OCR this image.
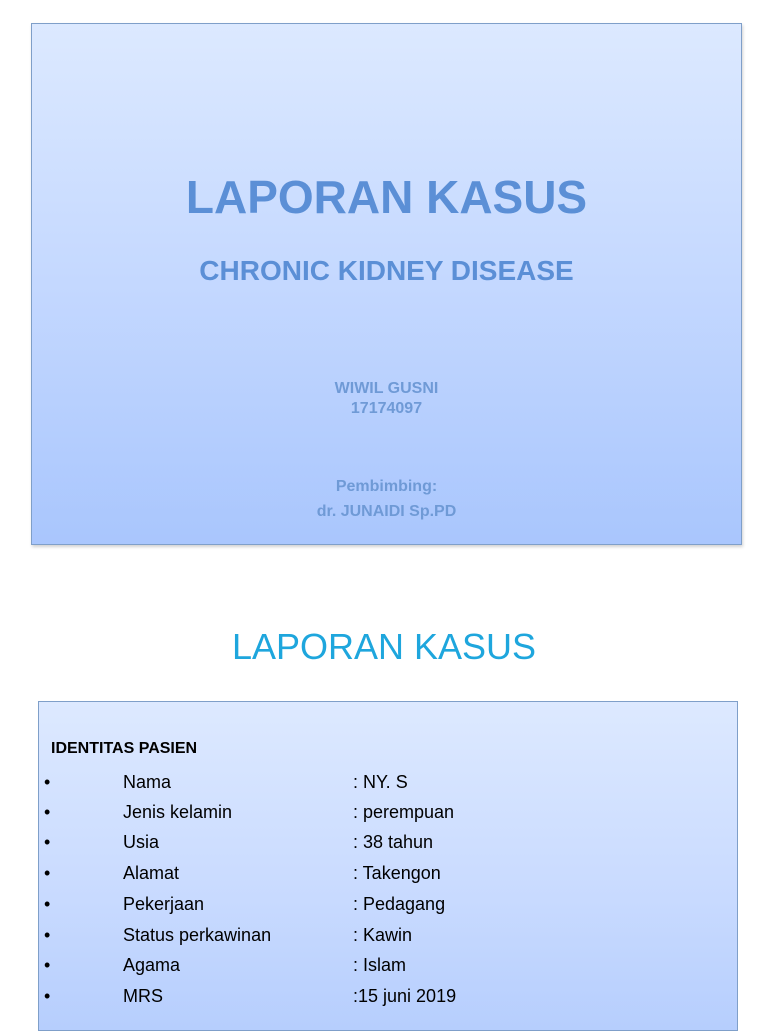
LAPORAN KASUS
CHRONIC KIDNEY DISEASE
WIWIL GUSNI
17174097
Pembimbing:
dr. JUNAIDI Sp.PD
LAPORAN KASUS
IDENTITAS PASIEN
•	Nama	: NY. S
•	Jenis kelamin	: perempuan
•	Usia	: 38 tahun
•	Alamat	: Takengon
•	Pekerjaan	: Pedagang
•	Status perkawinan	: Kawin
•	Agama	: Islam
•	MRS	:15 juni 2019
